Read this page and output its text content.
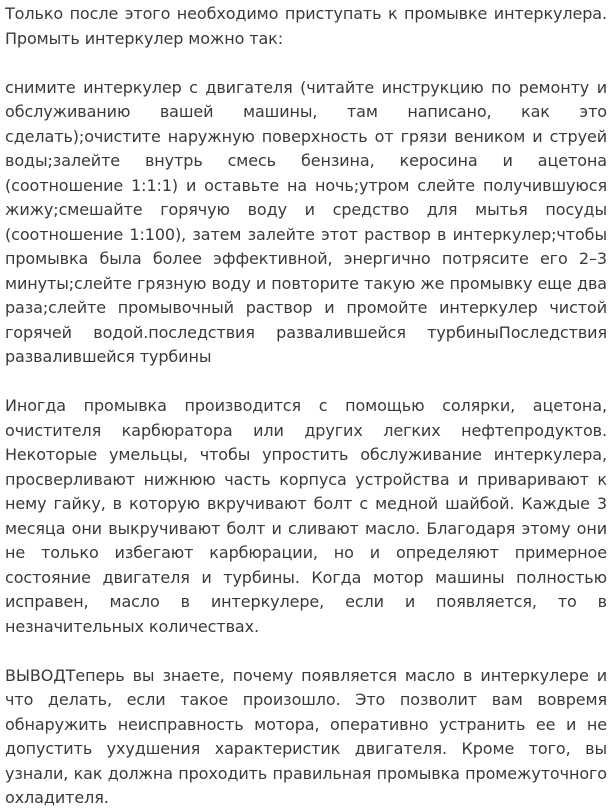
Только после этого необходимо приступать к промывке интеркулера. Промыть интеркулер можно так:

снимите интеркулер с двигателя (читайте инструкцию по ремонту и обслуживанию вашей машины, там написано, как это сделать);очистите наружную поверхность от грязи веником и струей воды;залейте внутрь смесь бензина, керосина и ацетона (соотношение 1:1:1) и оставьте на ночь;утром слейте получившуюся жижу;смешайте горячую воду и средство для мытья посуды (соотношение 1:100), затем залейте этот раствор в интеркулер;чтобы промывка была более эффективной, энергично потрясите его 2–3 минуты;слейте грязную воду и повторите такую же промывку еще два раза;слейте промывочный раствор и промойте интеркулер чистой горячей водой.последствия развалившейся турбиныПоследствия развалившейся турбины

Иногда промывка производится с помощью солярки, ацетона, очистителя карбюратора или других легких нефтепродуктов. Некоторые умельцы, чтобы упростить обслуживание интеркулера, просверливают нижнюю часть корпуса устройства и приваривают к нему гайку, в которую вкручивают болт с медной шайбой. Каждые 3 месяца они выкручивают болт и сливают масло. Благодаря этому они не только избегают карбюрации, но и определяют примерное состояние двигателя и турбины. Когда мотор машины полностью исправен, масло в интеркулере, если и появляется, то в незначительных количествах.

ВЫВОДТеперь вы знаете, почему появляется масло в интеркулере и что делать, если такое произошло. Это позволит вам вовремя обнаружить неисправность мотора, оперативно устранить ее и не допустить ухудшения характеристик двигателя. Кроме того, вы узнали, как должна проходить правильная промывка промежуточного охладителя.
